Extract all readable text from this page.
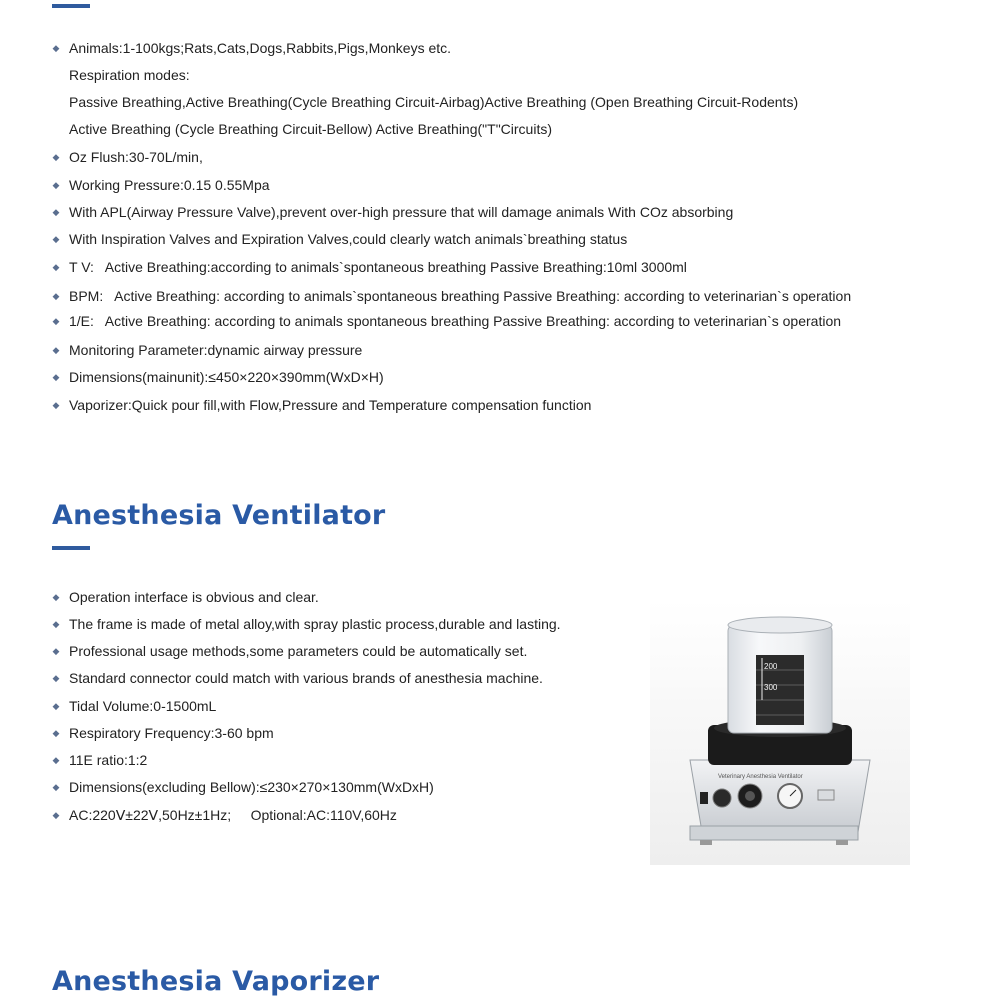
◆ Animals:1-100kgs;Rats,Cats,Dogs,Rabbits,Pigs,Monkeys etc.
Respiration modes:
Passive Breathing,Active Breathing(Cycle Breathing Circuit-Airbag)Active Breathing (Open Breathing Circuit-Rodents)
Active Breathing (Cycle Breathing Circuit-Bellow) Active Breathing("T"Circuits)
◆ Oz Flush:30-70L/min,
◆ Working Pressure:0.15 0.55Mpa
◆ With APL(Airway Pressure Valve),prevent over-high pressure that will damage animals With COz absorbing
◆ With Inspiration Valves and Expiration Valves,could clearly watch animals`breathing status
◆ T V:   Active Breathing:according to animals`spontaneous breathing Passive Breathing:10ml 3000ml
◆ BPM:   Active Breathing: according to animals`spontaneous breathing Passive Breathing: according to veterinarian`s operation
◆ 1/E:   Active Breathing: according to animals spontaneous breathing Passive Breathing: according to veterinarian`s operation
◆ Monitoring Parameter:dynamic airway pressure
◆ Dimensions(mainunit):≤450×220×390mm(WxD×H)
◆ Vaporizer:Quick pour fill,with Flow,Pressure and Temperature compensation function
Anesthesia Ventilator
◆ Operation interface is obvious and clear.
◆ The frame is made of metal alloy,with spray plastic process,durable and lasting.
◆ Professional usage methods,some parameters could be automatically set.
◆ Standard connector could match with various brands of anesthesia machine.
◆ Tidal Volume:0-1500mL
◆ Respiratory Frequency:3-60 bpm
◆ 11E ratio:1:2
◆ Dimensions(excluding Bellow):≤230×270×130mm(WxDxH)
◆ AC:220Ⅴ±22Ⅴ,50Hz±1Hz;     Optional:AC:110V,60Hz
200
300
Veterinary Anesthesia Ventilator
Anesthesia Vaporizer
